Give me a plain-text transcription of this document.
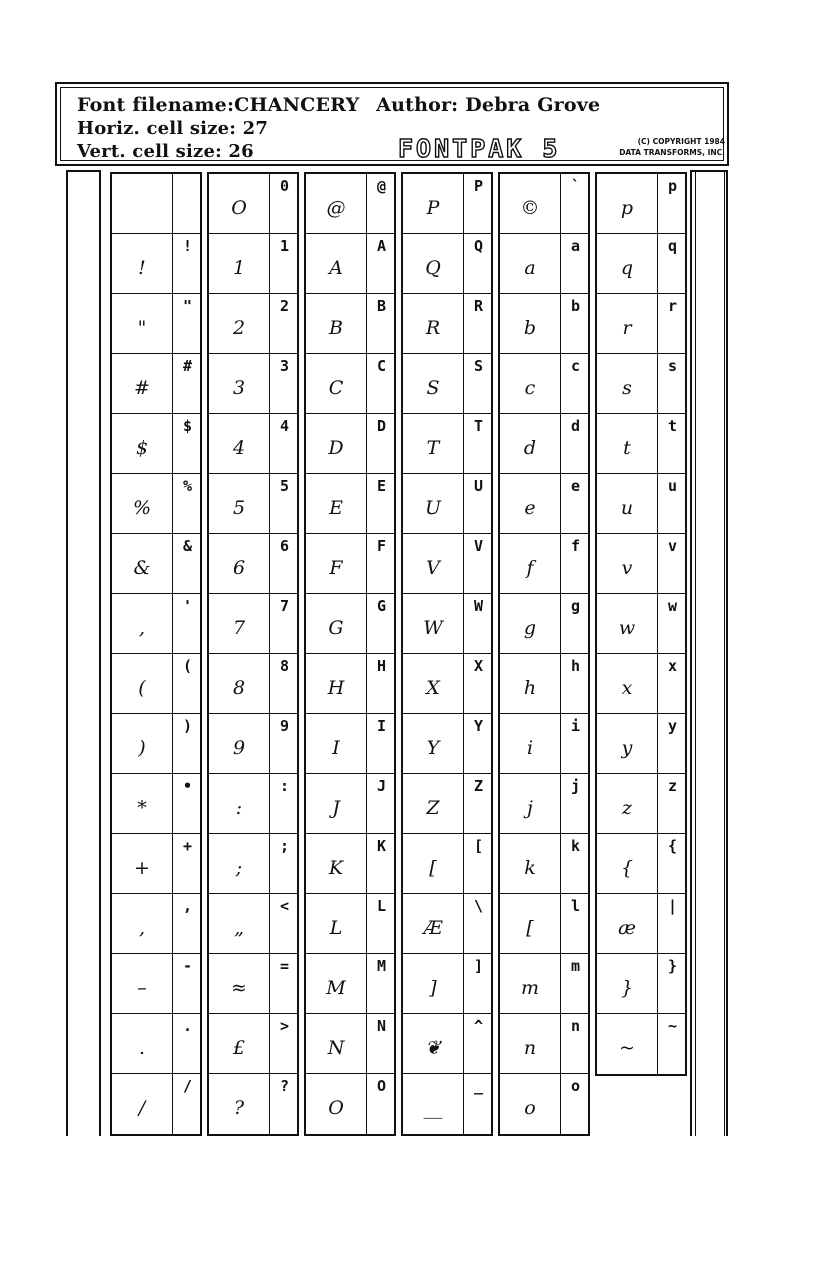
Font filename:CHANCERY Author: Debra Grove
Horiz. cell size: 27
Vert. cell size: 26	FONTPAK 5	(C) COPYRIGHT 1984
DATA TRANSFORMS, INC.
!
!
"
"
#
#
$
$
%
%
&
&
,
'
(
(
)
)
*
•
+
+
,
,
–
-
.
.
/
/
O
0
1
1
2
2
3
3
4
4
5
5
6
6
7
7
8
8
9
9
:
:
;
;
„
<
≈
=
£
>
?
?
@
@
A
A
B
B
C
C
D
D
E
E
F
F
G
G
H
H
I
I
J
J
K
K
L
L
M
M
N
N
O
O
P
P
Q
Q
R
R
S
S
T
T
U
U
V
V
W
W
X
X
Y
Y
Z
Z
[
[
Æ
\
]
]
❦
^
__
_
©
`
a
a
b
b
c
c
d
d
e
e
f
f
g
g
h
h
i
i
j
j
k
k
[
l
m
m
n
n
o
o
p
p
q
q
r
r
s
s
t
t
u
u
v
v
w
w
x
x
y
y
z
z
{
{
æ
|
}
}
~
~
